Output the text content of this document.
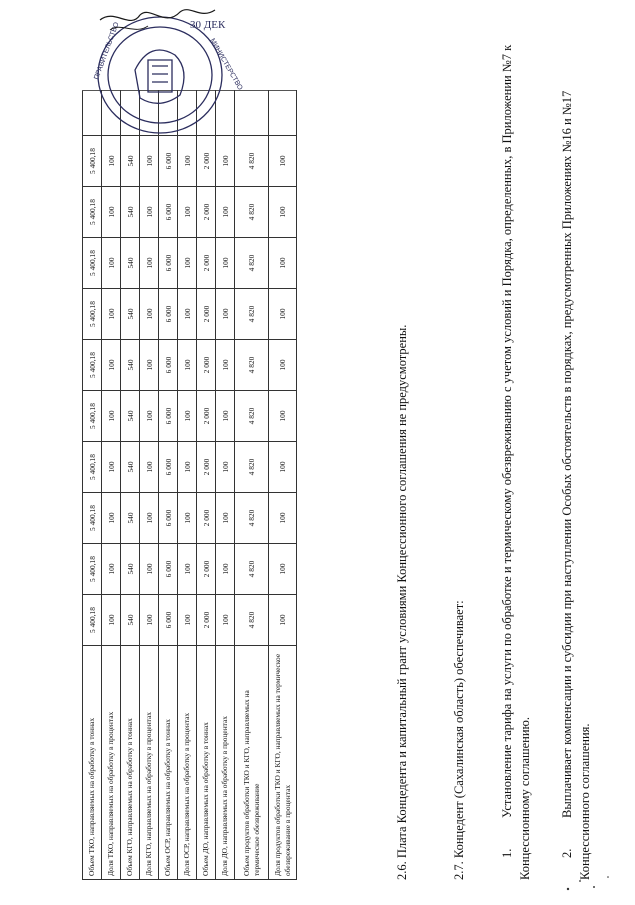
Объем ТКО, направляемых на обработку в тоннах	5 400,18	5 400,18	5 400,18	5 400,18	5 400,18	5 400,18	5 400,18	5 400,18	5 400,18	5 400,18	
Доля ТКО, направляемых на обработку в процентах	100	100	100	100	100	100	100	100	100	100	
Объем КГО, направляемых на обработку в тоннах	540	540	540	540	540	540	540	540	540	540	
Доля КГО, направляемых на обработку в процентах	100	100	100	100	100	100	100	100	100	100	
Объем ОСР, направляемых на обработку в тоннах	6 000	6 000	6 000	6 000	6 000	6 000	6 000	6 000	6 000	6 000	
Доля ОСР, направляемых на обработку в процентах	100	100	100	100	100	100	100	100	100	100	
Объем ДО, направляемых на обработку в тоннах	2 000	2 000	2 000	2 000	2 000	2 000	2 000	2 000	2 000	2 000	
Доля ДО, направляемых на обработку в процентах	100	100	100	100	100	100	100	100	100	100	
Объем продуктов обработки ТКО и КГО, направляемых на термическое обезвреживание	4 820	4 820	4 820	4 820	4 820	4 820	4 820	4 820	4 820	4 820	
Доля продуктов обработки ТКО и КГО, направляемых на термическое обезвреживание в процентах	100	100	100	100	100	100	100	100	100	100	

2.6. Плата Концедента и капитальный грант условиями Концессионного соглашения не предусмотрены.	2.7. Концедент (Сахалинская область) обеспечивает:	1.Установление тарифа на услуги по обработке и термическому обезвреживанию с учетом условий и Порядка, определенных, в Приложении №7 к Концессионному соглашению. 2.Выплачивает компенсации и субсидии при наступлении Особых обстоятельств в порядках, предусмотренных Приложениях №16 и №17 Концессионного соглашения.

ПРАВИТЕЛЬСТВО	МИНИСТЕРСТВО
30 ДЕК
